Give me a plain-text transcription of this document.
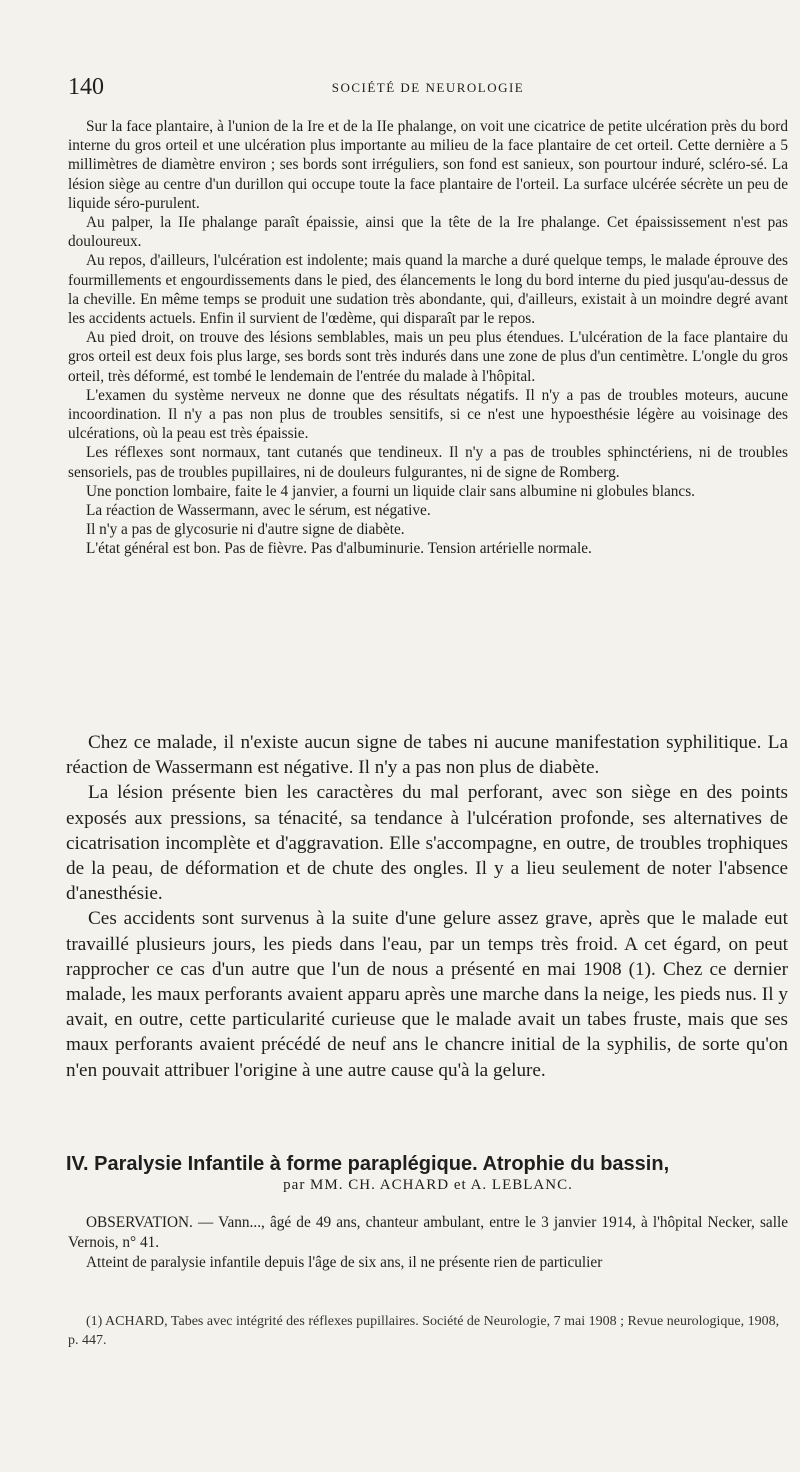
140	SOCIÉTÉ DE NEUROLOGIE

Sur la face plantaire, à l'union de la Ire et de la IIe phalange, on voit une cicatrice de petite ulcération près du bord interne du gros orteil et une ulcération plus importante au milieu de la face plantaire de cet orteil. Cette dernière a 5 millimètres de diamètre environ ; ses bords sont irréguliers, son fond est sanieux, son pourtour induré, scléro-sé. La lésion siège au centre d'un durillon qui occupe toute la face plantaire de l'orteil. La surface ulcérée sécrète un peu de liquide séro-purulent.

Au palper, la IIe phalange paraît épaissie, ainsi que la tête de la Ire phalange. Cet épaississement n'est pas douloureux.

Au repos, d'ailleurs, l'ulcération est indolente; mais quand la marche a duré quelque temps, le malade éprouve des fourmillements et engourdissements dans le pied, des élancements le long du bord interne du pied jusqu'au-dessus de la cheville. En même temps se produit une sudation très abondante, qui, d'ailleurs, existait à un moindre degré avant les accidents actuels. Enfin il survient de l'œdème, qui disparaît par le repos.

Au pied droit, on trouve des lésions semblables, mais un peu plus étendues. L'ulcération de la face plantaire du gros orteil est deux fois plus large, ses bords sont très indurés dans une zone de plus d'un centimètre. L'ongle du gros orteil, très déformé, est tombé le lendemain de l'entrée du malade à l'hôpital.

L'examen du système nerveux ne donne que des résultats négatifs. Il n'y a pas de troubles moteurs, aucune incoordination. Il n'y a pas non plus de troubles sensitifs, si ce n'est une hypoesthésie légère au voisinage des ulcérations, où la peau est très épaissie.

Les réflexes sont normaux, tant cutanés que tendineux. Il n'y a pas de troubles sphinctériens, ni de troubles sensoriels, pas de troubles pupillaires, ni de douleurs fulgurantes, ni de signe de Romberg.

Une ponction lombaire, faite le 4 janvier, a fourni un liquide clair sans albumine ni globules blancs.

La réaction de Wassermann, avec le sérum, est négative.

Il n'y a pas de glycosurie ni d'autre signe de diabète.

L'état général est bon. Pas de fièvre. Pas d'albuminurie. Tension artérielle normale.

Chez ce malade, il n'existe aucun signe de tabes ni aucune manifestation syphilitique. La réaction de Wassermann est négative. Il n'y a pas non plus de diabète.

La lésion présente bien les caractères du mal perforant, avec son siège en des points exposés aux pressions, sa ténacité, sa tendance à l'ulcération profonde, ses alternatives de cicatrisation incomplète et d'aggravation. Elle s'accompagne, en outre, de troubles trophiques de la peau, de déformation et de chute des ongles. Il y a lieu seulement de noter l'absence d'anesthésie.

Ces accidents sont survenus à la suite d'une gelure assez grave, après que le malade eut travaillé plusieurs jours, les pieds dans l'eau, par un temps très froid. A cet égard, on peut rapprocher ce cas d'un autre que l'un de nous a présenté en mai 1908 (1). Chez ce dernier malade, les maux perforants avaient apparu après une marche dans la neige, les pieds nus. Il y avait, en outre, cette particularité curieuse que le malade avait un tabes fruste, mais que ses maux perforants avaient précédé de neuf ans le chancre initial de la syphilis, de sorte qu'on n'en pouvait attribuer l'origine à une autre cause qu'à la gelure.

IV. Paralysie Infantile à forme paraplégique. Atrophie du bassin,
par MM. CH. ACHARD et A. LEBLANC.

OBSERVATION. — Vann..., âgé de 49 ans, chanteur ambulant, entre le 3 janvier 1914, à l'hôpital Necker, salle Vernois, n° 41.

Atteint de paralysie infantile depuis l'âge de six ans, il ne présente rien de particulier

(1) ACHARD, Tabes avec intégrité des réflexes pupillaires. Société de Neurologie, 7 mai 1908 ; Revue neurologique, 1908, p. 447.
